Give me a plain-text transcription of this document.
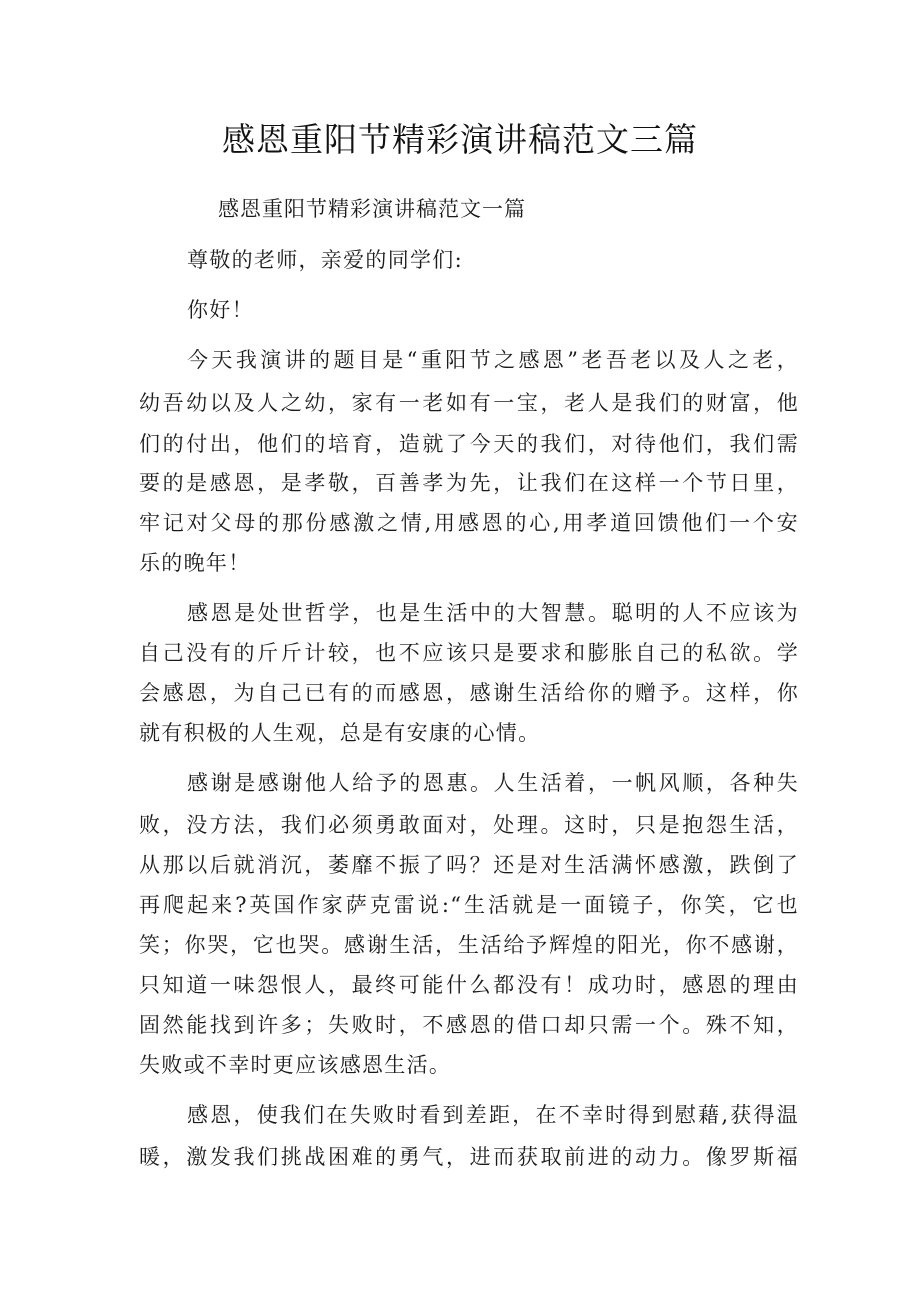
感恩重阳节精彩演讲稿范文三篇
感恩重阳节精彩演讲稿范文一篇
尊敬的老师，亲爱的同学们:
你好！
今天我演讲的题目是“重阳节之感恩”老吾老以及人之老，
幼吾幼以及人之幼，家有一老如有一宝，老人是我们的财富，他
们的付出，他们的培育，造就了今天的我们，对待他们，我们需
要的是感恩，是孝敬，百善孝为先，让我们在这样一个节日里，
牢记对父母的那份感激之情,用感恩的心,用孝道回馈他们一个安
乐的晚年！
感恩是处世哲学，也是生活中的大智慧。聪明的人不应该为
自己没有的斤斤计较，也不应该只是要求和膨胀自己的私欲。学
会感恩，为自己已有的而感恩，感谢生活给你的赠予。这样，你
就有积极的人生观，总是有安康的心情。
感谢是感谢他人给予的恩惠。人生活着，一帆风顺，各种失
败，没方法，我们必须勇敢面对，处理。这时，只是抱怨生活，
从那以后就消沉，萎靡不振了吗？还是对生活满怀感激，跌倒了
再爬起来?英国作家萨克雷说:“生活就是一面镜子，你笑，它也
笑；你哭，它也哭。感谢生活，生活给予辉煌的阳光，你不感谢，
只知道一味怨恨人，最终可能什么都没有！成功时，感恩的理由
固然能找到许多；失败时，不感恩的借口却只需一个。殊不知，
失败或不幸时更应该感恩生活。
感恩，使我们在失败时看到差距，在不幸时得到慰藉,获得温
暖，激发我们挑战困难的勇气，进而获取前进的动力。像罗斯福
